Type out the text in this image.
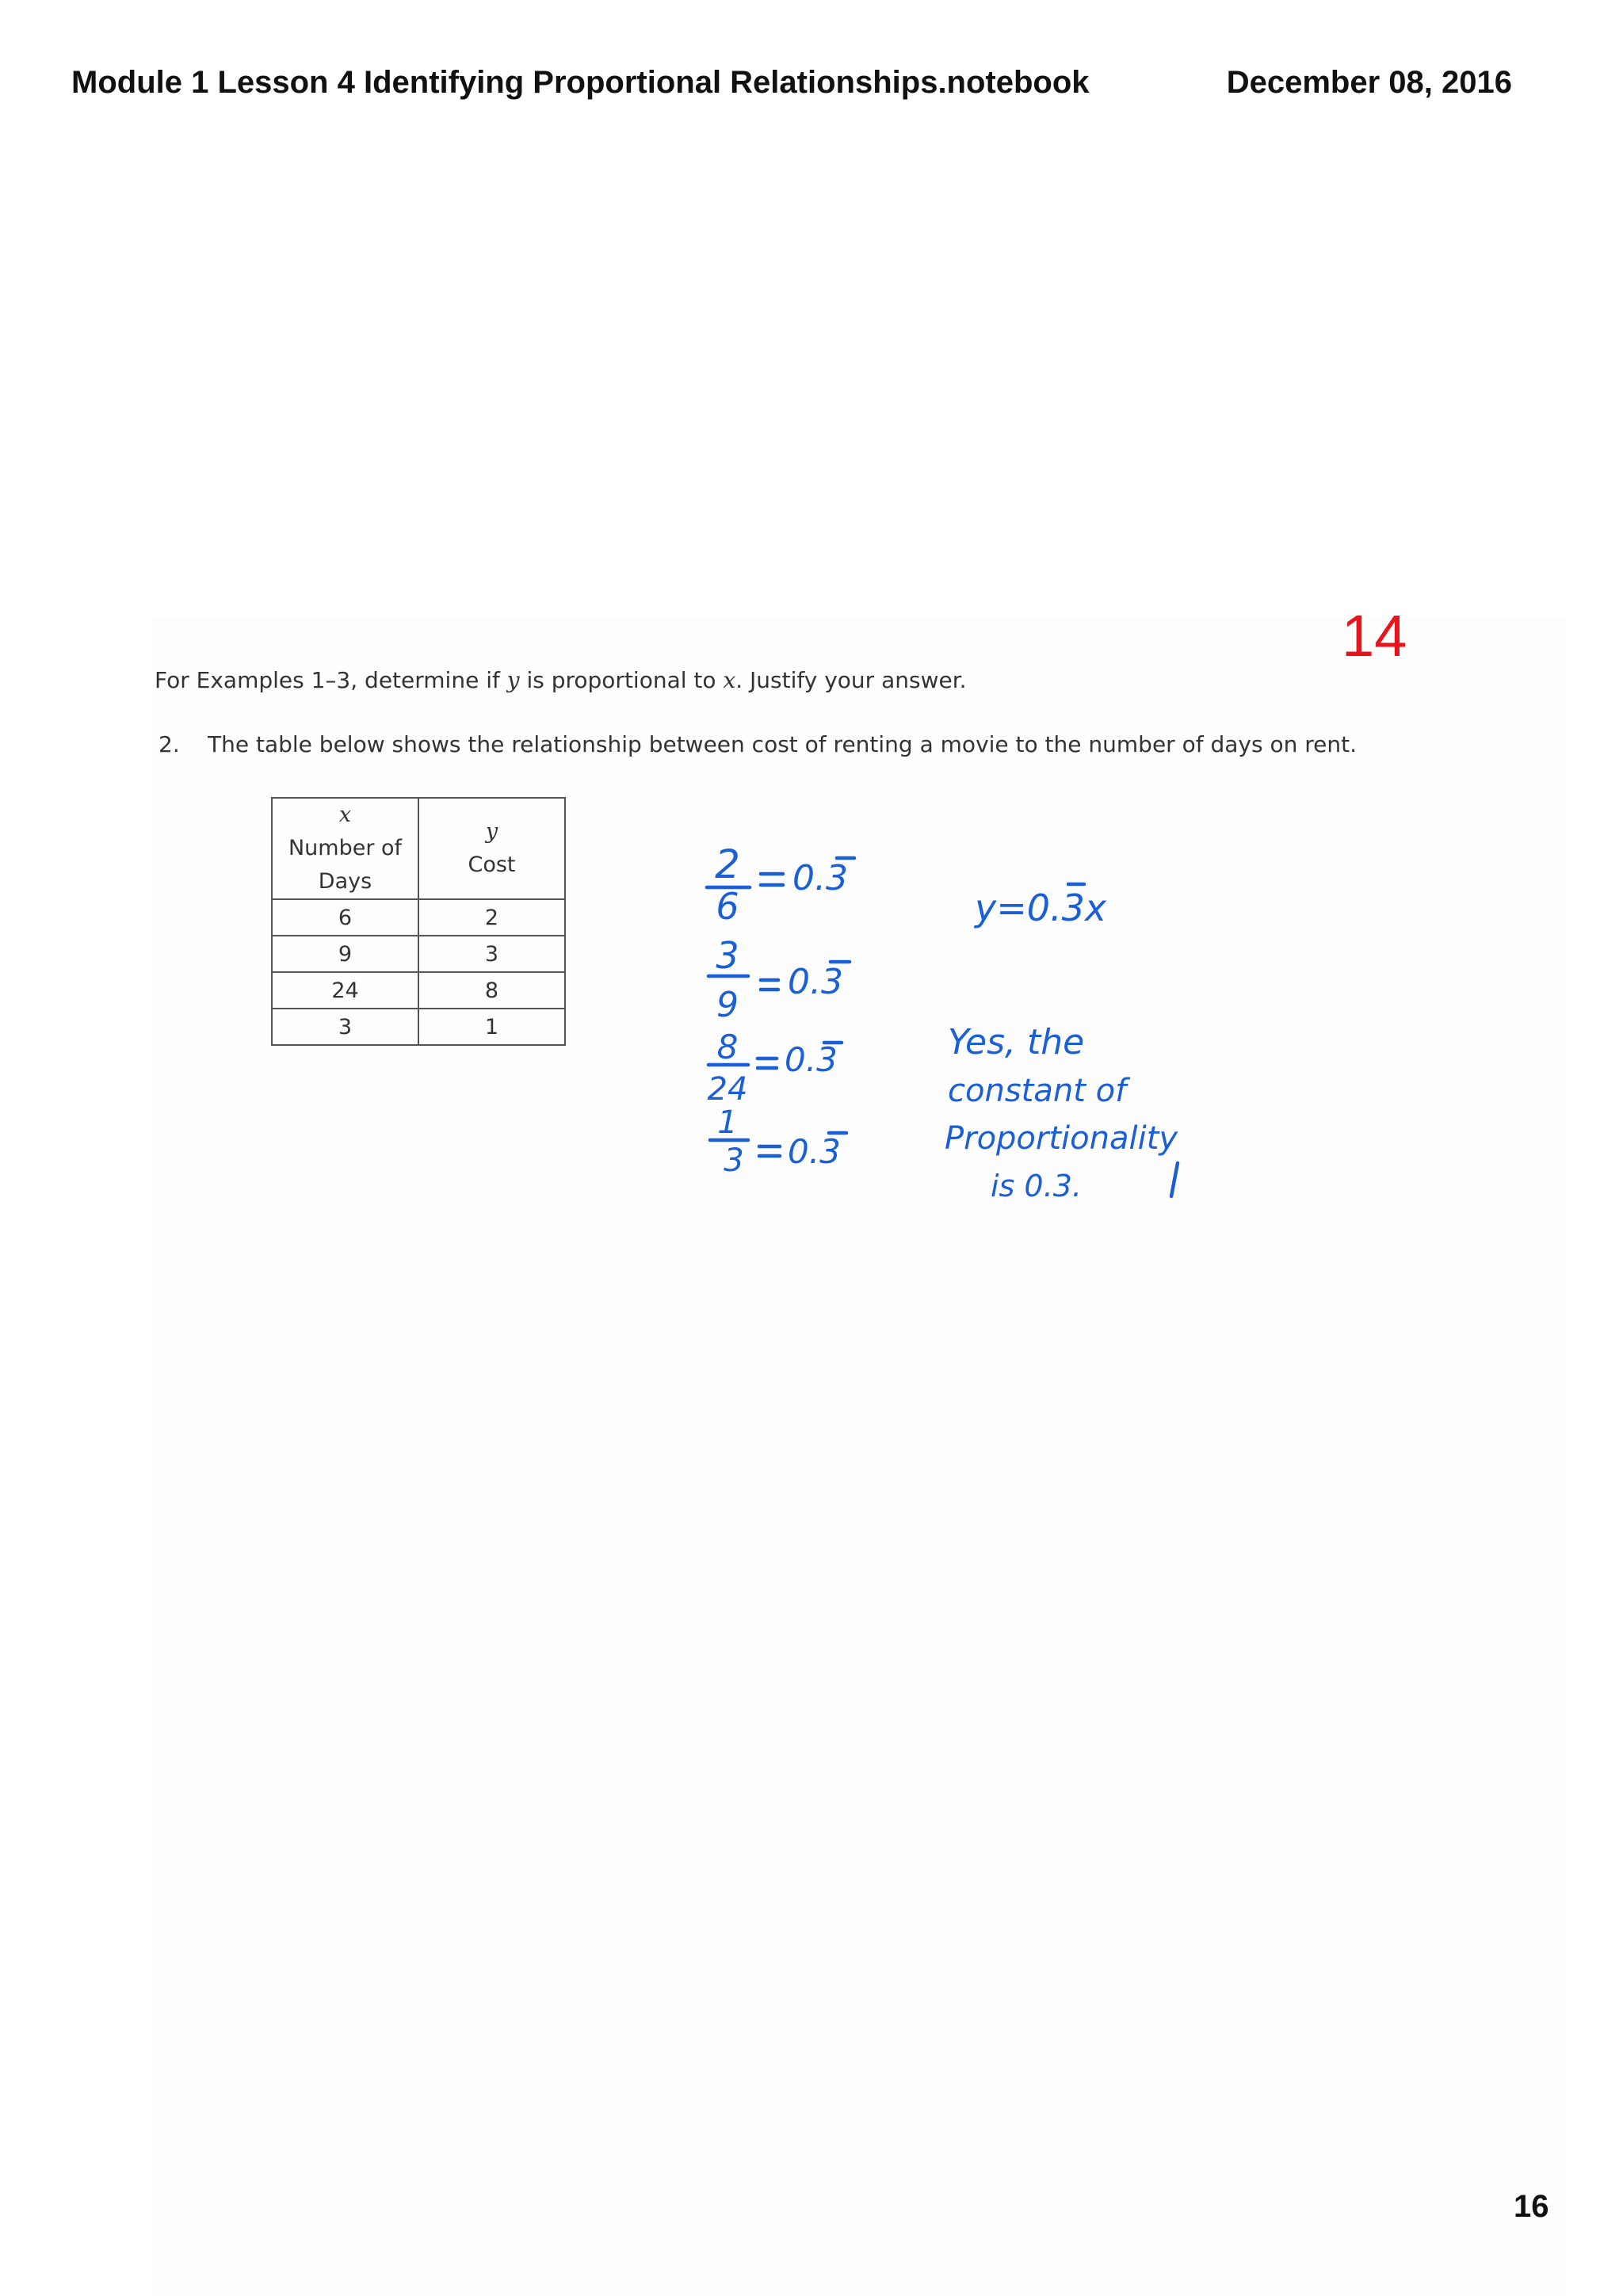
Module 1 Lesson 4 Identifying Proportional Relationships.notebook	December 08, 2016
14
For Examples 1–3, determine if y is proportional to x. Justify your answer.
2. The table below shows the relationship between cost of renting a movie to the number of days on rent.
x
Number of
Days	y
Cost

6	2
9	3
24	8
3	1
2
6
0.3
3
9
0.3
8
24
0.3
1
3 0.3
y=0.3x
Yes, the
constant of
Proportionality
is 0.3.
16
